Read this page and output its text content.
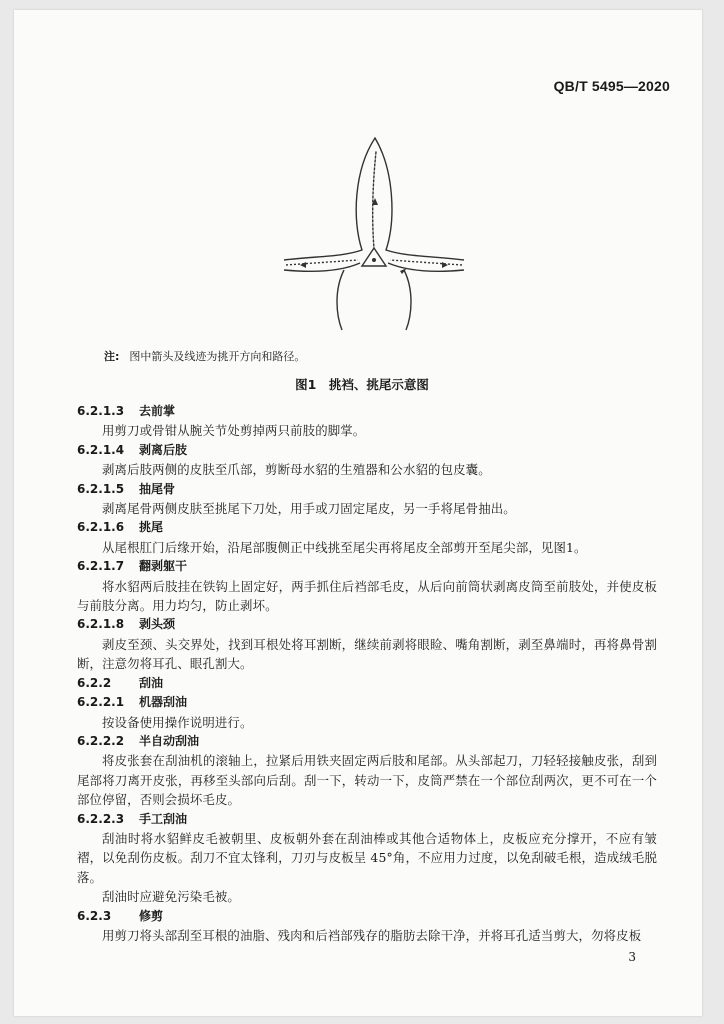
QB/T 5495—2020
注: 图中箭头及线迹为挑开方向和路径。
图1　挑裆、挑尾示意图
6.2.1.3 去前掌
用剪刀或骨钳从腕关节处剪掉两只前肢的脚掌。
6.2.1.4 剥离后肢
剥离后肢两侧的皮肤至爪部，剪断母水貂的生殖器和公水貂的包皮囊。
6.2.1.5 抽尾骨
剥离尾骨两侧皮肤至挑尾下刀处，用手或刀固定尾皮，另一手将尾骨抽出。
6.2.1.6 挑尾
从尾根肛门后缘开始，沿尾部腹侧正中线挑至尾尖再将尾皮全部剪开至尾尖部，见图1。
6.2.1.7 翻剥躯干
将水貂两后肢挂在铁钩上固定好，两手抓住后裆部毛皮，从后向前筒状剥离皮筒至前肢处，并使皮板与前肢分离。用力均匀，防止剥坏。
6.2.1.8 剥头颈
剥皮至颈、头交界处，找到耳根处将耳割断，继续前剥将眼睑、嘴角割断，剥至鼻端时，再将鼻骨割断，注意勿将耳孔、眼孔割大。
6.2.2 刮油
6.2.2.1 机器刮油
按设备使用操作说明进行。
6.2.2.2 半自动刮油
将皮张套在刮油机的滚轴上，拉紧后用铁夹固定两后肢和尾部。从头部起刀，刀轻轻接触皮张，刮到尾部将刀离开皮张，再移至头部向后刮。刮一下，转动一下，皮筒严禁在一个部位刮两次，更不可在一个部位停留，否则会损坏毛皮。
6.2.2.3 手工刮油
刮油时将水貂鲜皮毛被朝里、皮板朝外套在刮油棒或其他合适物体上，皮板应充分撑开，不应有皱褶，以免刮伤皮板。刮刀不宜太锋利，刀刃与皮板呈 45°角，不应用力过度，以免刮破毛根，造成绒毛脱落。
刮油时应避免污染毛被。
6.2.3 修剪
用剪刀将头部刮至耳根的油脂、残肉和后裆部残存的脂肪去除干净，并将耳孔适当剪大，勿将皮板
3
